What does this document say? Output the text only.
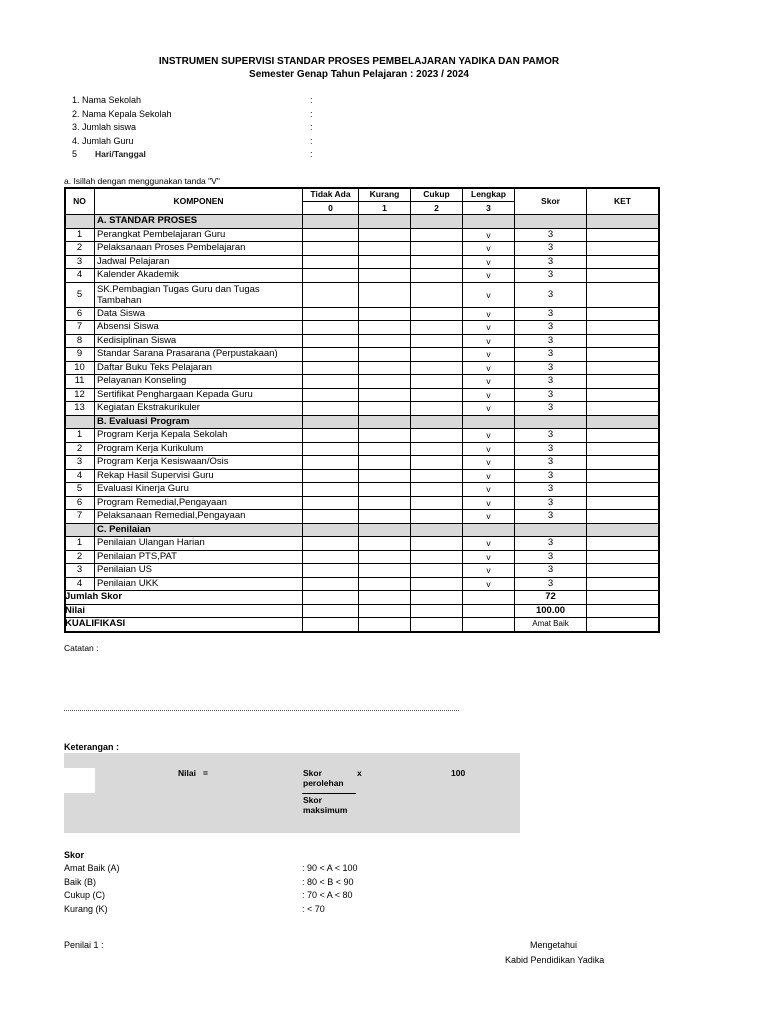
INSTRUMEN SUPERVISI STANDAR PROSES PEMBELAJARAN YADIKA DAN PAMOR
Semester Genap Tahun Pelajaran : 2023 / 2024
1. Nama Sekolah	:
2. Nama Kepala Sekolah	:
3. Jumlah siswa	:
4. Jumlah Guru	:
5 Hari/Tanggal	:
a. Isillah dengan menggunakan tanda "V"
NO	KOMPONEN	Tidak Ada	Kurang	Cukup	Lengkap	Skor	KET
		0	1	2	3		
	A. STANDAR PROSES						
1	Perangkat Pembelajaran Guru				v	3	
2	Pelaksanaan Proses Pembelajaran				v	3	
3	Jadwal Pelajaran				v	3	
4	Kalender Akademik				v	3	
5	SK.Pembagian Tugas Guru dan Tugas Tambahan				v	3	
6	Data Siswa				v	3	
7	Absensi Siswa				v	3	
8	Kedisiplinan Siswa				v	3	
9	Standar Sarana Prasarana (Perpustakaan)				v	3	
10	Daftar Buku Teks Pelajaran				v	3	
11	Pelayanan Konseling				v	3	
12	Sertifikat Penghargaan Kepada Guru				v	3	
13	Kegiatan Ekstrakurikuler				v	3	
	B. Evaluasi Program						
1	Program Kerja Kepala Sekolah				v	3	
2	Program Kerja Kurikulum				v	3	
3	Program Kerja Kesiswaan/Osis				v	3	
4	Rekap Hasil Supervisi Guru				v	3	
5	Evaluasi Kinerja Guru				v	3	
6	Program Remedial,Pengayaan				v	3	
7	Pelaksanaan Remedial,Pengayaan				v	3	
	C. Penilaian						
1	Penilaian Ulangan Harian				v	3	
2	Penilaian PTS,PAT				v	3	
3	Penilaian US				v	3	
4	Penilaian UKK				v	3	
Jumlah Skor						72	
Nilai						100.00	
KUALIFIKASI						Amat Baik	
Catatan :
Keterangan :
Nilai =	Skor perolehan
x	100
Skor maksimum
Skor
Amat Baik (A)	: 90 < A < 100
Baik (B)	: 80 < B < 90
Cukup (C)	: 70 < A < 80
Kurang (K)	: < 70
Penilai 1 :	Mengetahui
Kabid Pendidikan Yadika
